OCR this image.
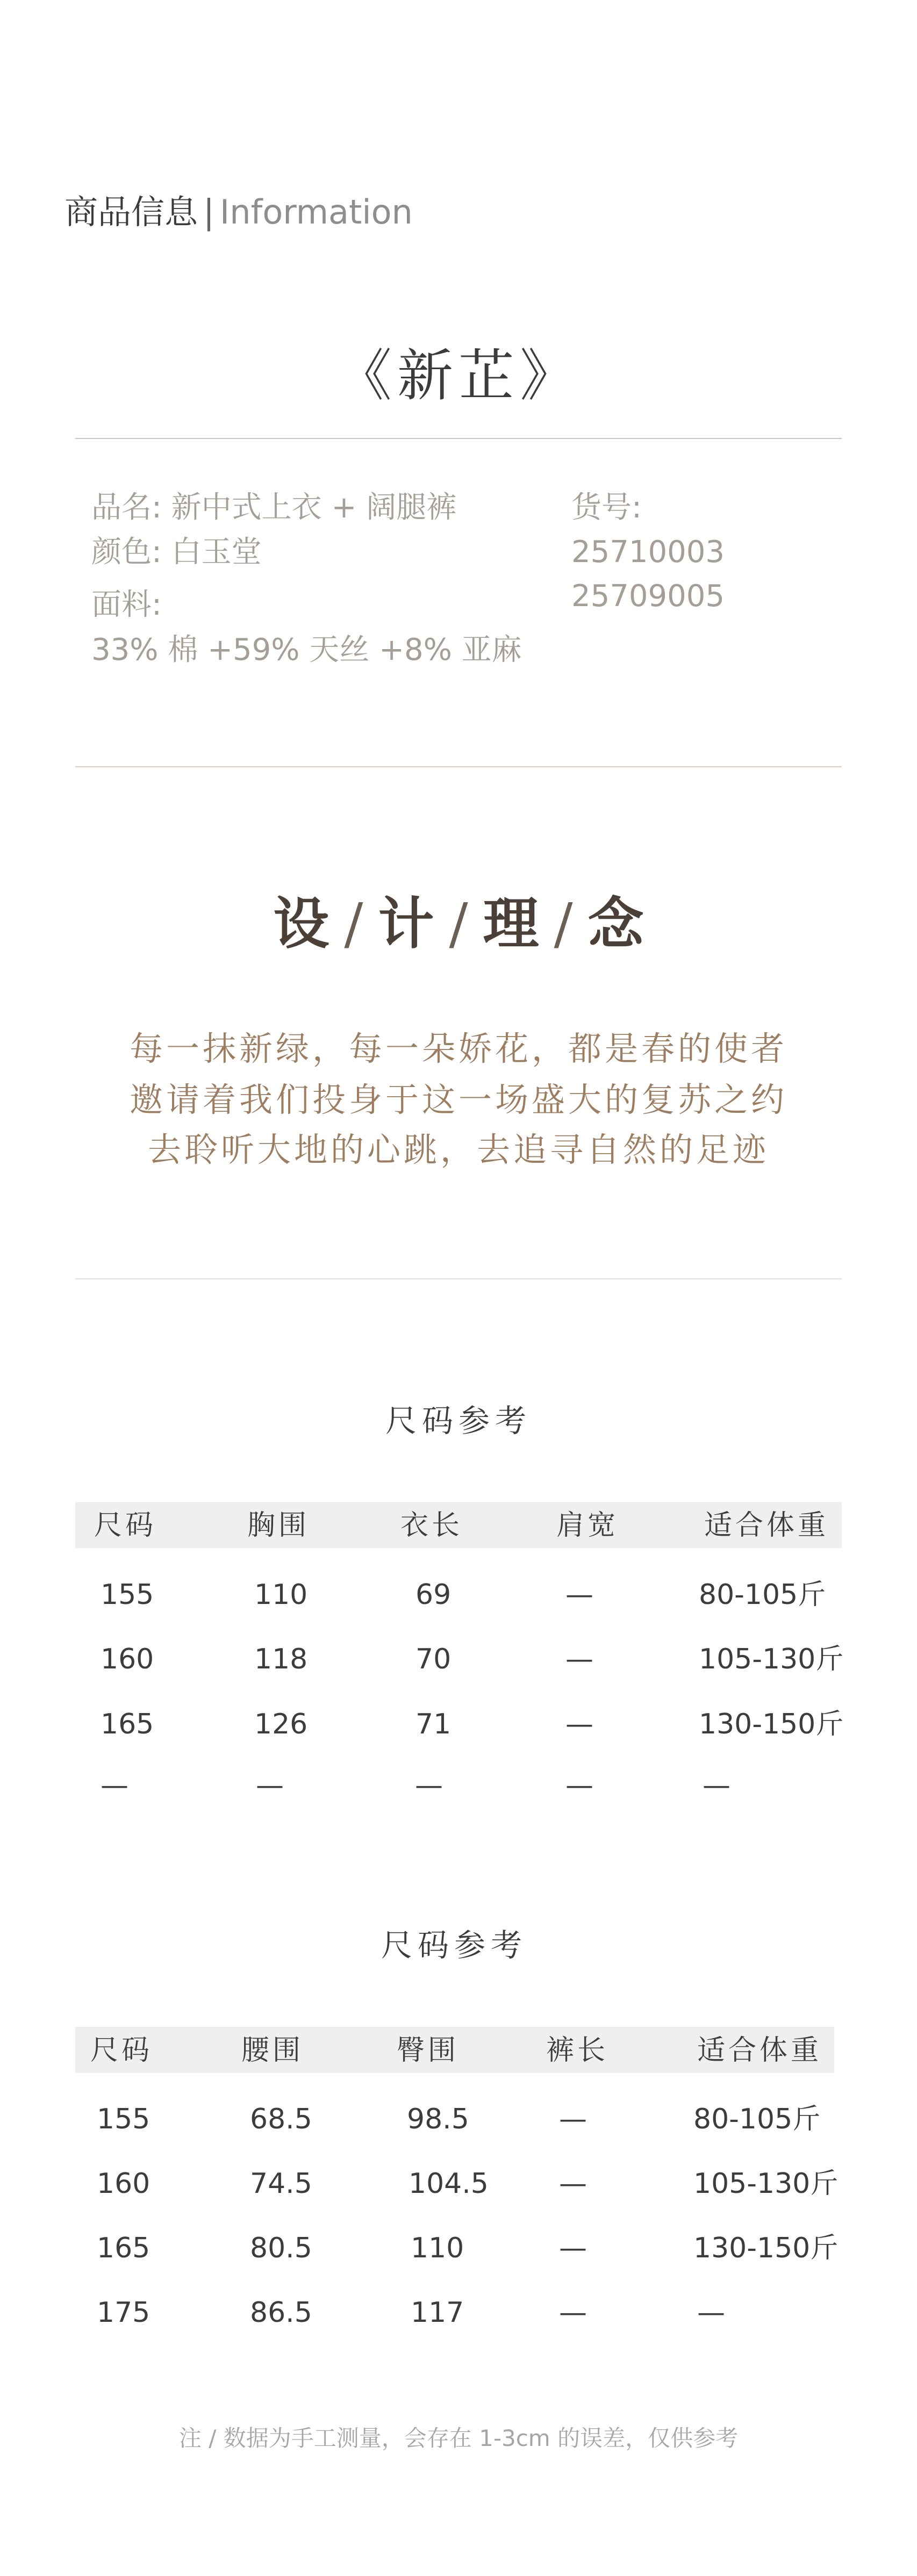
商品信息 | Information
《新芷》
品名: 新中式上衣 + 阔腿裤
颜色: 白玉堂
面料:
33% 棉 +59% 天丝 +8% 亚麻
货号:
25710003
25709005
设 / 计 / 理 / 念
每一抹新绿，每一朵娇花，都是春的使者
邀请着我们投身于这一场盛大的复苏之约
去聆听大地的心跳，去追寻自然的足迹
尺码参考
尺码	胸围	衣长	肩宽	适合体重
155	110	69	—	80-105斤
160	118	70	—	105-130斤
165	126	71	—	130-150斤
—	—	—	—	—
尺码参考
尺码	腰围	臀围	裤长	适合体重
155	68.5	98.5	—	80-105斤
160	74.5	104.5	—	105-130斤
165	80.5	110	—	130-150斤
175	86.5	117	—	—
注 / 数据为手工测量，会存在 1-3cm 的误差，仅供参考
